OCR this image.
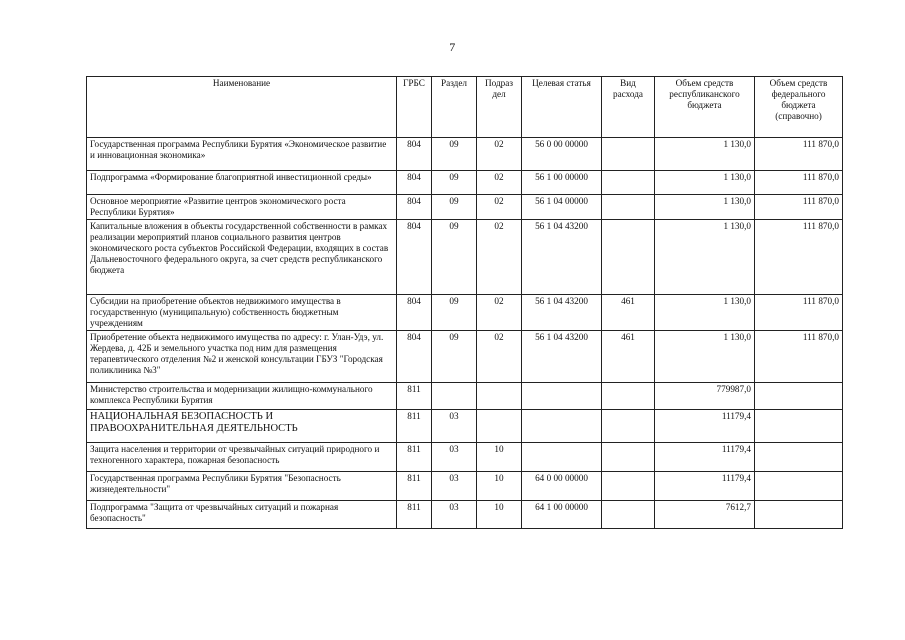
7
Наименование	ГРБС	Раздел	Подраз дел	Целевая статья	Вид расхода	Объем средств республиканского бюджета	Объем средств федерального бюджета (справочно)
Государственная программа Республики Бурятия «Экономическое развитие и инновационная экономика»	804	09	02	56 0 00 00000		1 130,0	111 870,0
Подпрограмма «Формирование благоприятной инвестиционной среды»	804	09	02	56 1 00 00000		1 130,0	111 870,0
Основное мероприятие «Развитие центров экономического роста Республики Бурятия»	804	09	02	56 1 04 00000		1 130,0	111 870,0
Капитальные вложения в объекты государственной собственности в рамках реализации мероприятий планов социального развития центров экономического роста субъектов Российской Федерации, входящих в состав Дальневосточного федерального округа, за счет средств республиканского бюджета	804	09	02	56 1 04 43200		1 130,0	111 870,0
Субсидии на приобретение объектов недвижимого имущества в государственную (муниципальную) собственность бюджетным учреждениям	804	09	02	56 1 04 43200	461	1 130,0	111 870,0
Приобретение объекта недвижимого имущества по адресу: г. Улан-Удэ, ул. Жердева, д. 42Б и земельного участка под ним для размещения терапевтического отделения №2 и женской консультации ГБУЗ "Городская поликлиника №3"	804	09	02	56 1 04 43200	461	1 130,0	111 870,0
Министерство строительства и модернизации жилищно-коммунального комплекса Республики Бурятия	811					779987,0	
НАЦИОНАЛЬНАЯ БЕЗОПАСНОСТЬ И ПРАВООХРАНИТЕЛЬНАЯ ДЕЯТЕЛЬНОСТЬ	811	03				11179,4	
Защита населения и территории от чрезвычайных ситуаций природного и техногенного характера, пожарная безопасность	811	03	10			11179,4	
Государственная программа Республики Бурятия "Безопасность жизнедеятельности"	811	03	10	64 0 00 00000		11179,4	
Подпрограмма "Защита от чрезвычайных ситуаций и пожарная безопасность"	811	03	10	64 1 00 00000		7612,7	
